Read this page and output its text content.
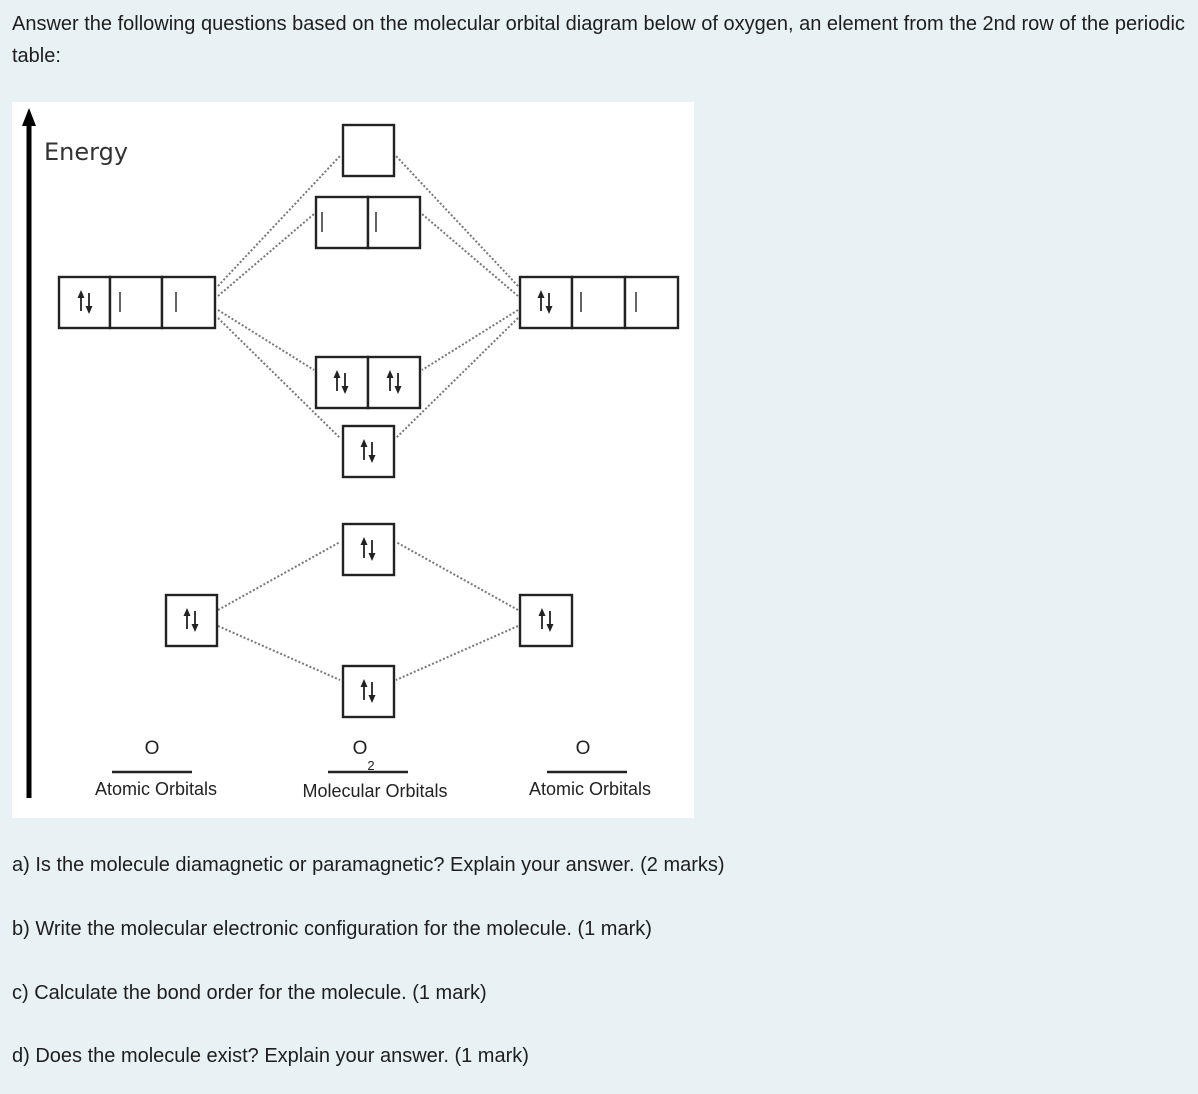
Answer the following questions based on the molecular orbital diagram below of oxygen, an element from the 2nd row of the periodic table:

Energy
O
Atomic Orbitals
O
2
Molecular Orbitals
O
Atomic Orbitals

a) Is the molecule diamagnetic or paramagnetic? Explain your answer. (2 marks)

b) Write the molecular electronic configuration for the molecule. (1 mark)

c) Calculate the bond order for the molecule. (1 mark)

d) Does the molecule exist? Explain your answer. (1 mark)
